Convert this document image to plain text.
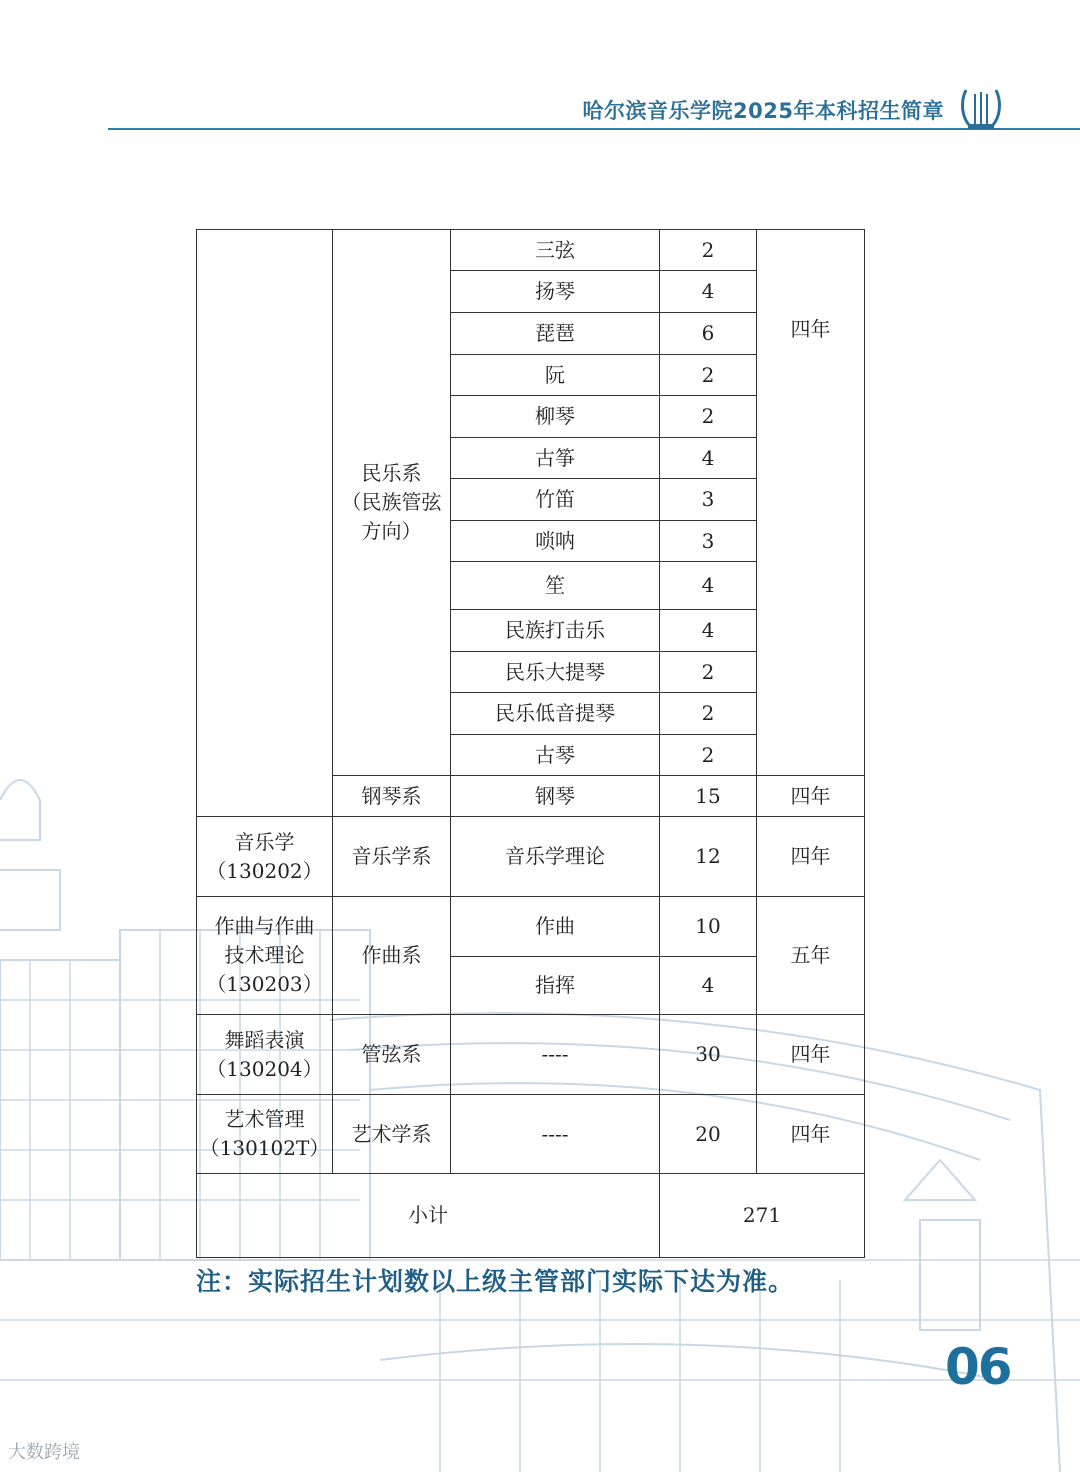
哈尔滨音乐学院2025年本科招生简章

	民乐系
（民族管弦
方向）	三弦	2	四年
		扬琴	4	
		琵琶	6	
		阮	2	
		柳琴	2	
		古筝	4	
		竹笛	3	
		唢呐	3	
		笙	4	
		民族打击乐	4	
		民乐大提琴	2	
		民乐低音提琴	2	
		古琴	2	
	钢琴系	钢琴	15	四年

音乐学
（130202）	音乐学系	音乐学理论	12	四年

作曲与作曲
技术理论
（130203）	作曲系	作曲	10	五年
		指挥	4	

舞蹈表演
（130204）	管弦系	----	30	四年

艺术管理
（130102T）	艺术学系	----	20	四年
小计			271	
注：实际招生计划数以上级主管部门实际下达为准。
06
大数跨境
